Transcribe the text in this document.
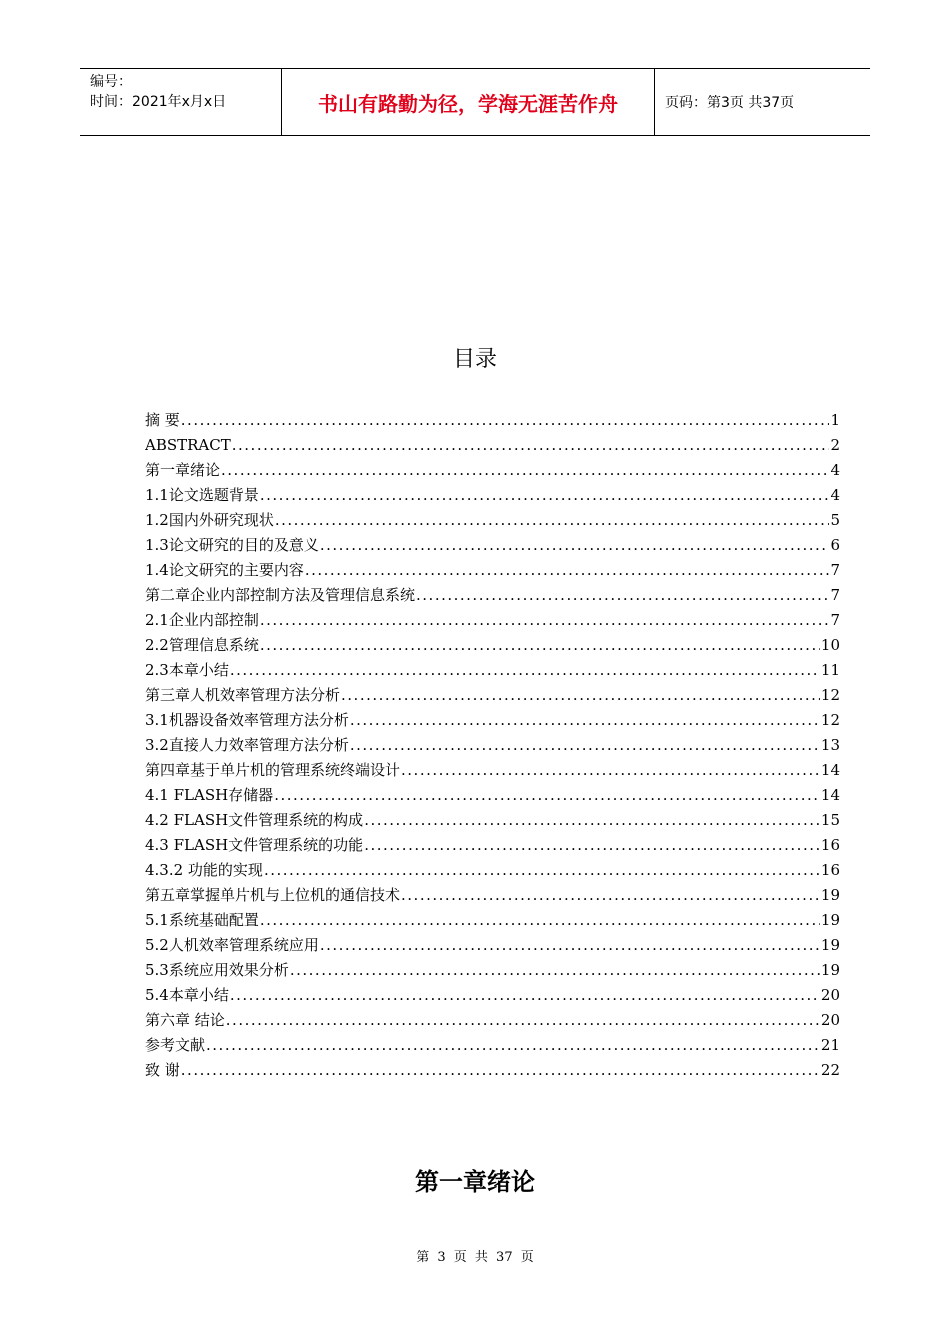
编号：
时间：2021年x月x日	书山有路勤为径，学海无涯苦作舟	页码：第3页 共37页
目录
摘 要 .....	1
ABSTRACT .....	2
第一章绪论 .....	4
1.1论文选题背景 .....	4
1.2国内外研究现状 .....	5
1.3论文研究的目的及意义 .....	6
1.4论文研究的主要内容 .....	7
第二章企业内部控制方法及管理信息系统 .....	7
2.1企业内部控制 .....	7
2.2管理信息系统 .....	10
2.3本章小结 .....	11
第三章人机效率管理方法分析 .....	12
3.1机器设备效率管理方法分析 .....	12
3.2直接人力效率管理方法分析 .....	13
第四章基于单片机的管理系统终端设计 .....	14
4.1 FLASH存储器 .....	14
4.2 FLASH文件管理系统的构成 .....	15
4.3 FLASH文件管理系统的功能 .....	16
4.3.2 功能的实现 .....	16
第五章掌握单片机与上位机的通信技术 .....	19
5.1系统基础配置 .....	19
5.2人机效率管理系统应用 .....	19
5.3系统应用效果分析 .....	19
5.4本章小结 .....	20
第六章 结论 .....	20
参考文献 .....	21
致 谢 .....	22
第一章绪论
第 3 页 共 37 页
